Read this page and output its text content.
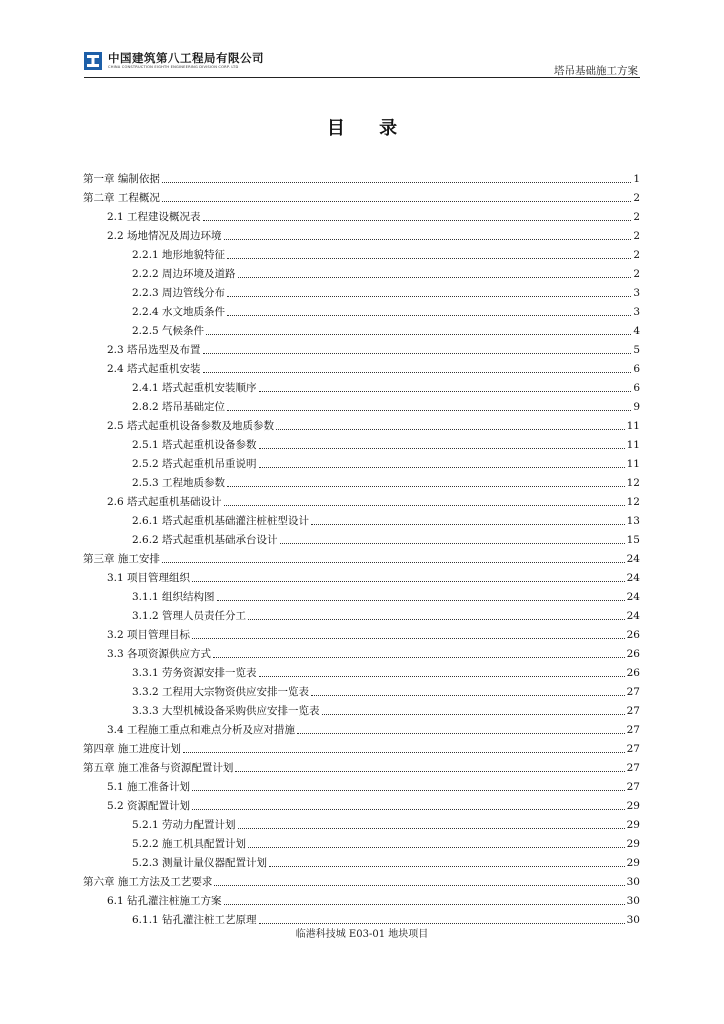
中国建筑第八工程局有限公司
CHINA CONSTRUCTION EIGHTH ENGINEERING DIVISION CORP. LTD	塔吊基础施工方案
目 录
第一章 编制依据	1
第二章 工程概况	2
2.1 工程建设概况表	2
2.2 场地情况及周边环境	2
2.2.1 地形地貌特征	2
2.2.2 周边环境及道路	2
2.2.3 周边管线分布	3
2.2.4 水文地质条件	3
2.2.5 气候条件	4
2.3 塔吊选型及布置	5
2.4 塔式起重机安装	6
2.4.1 塔式起重机安装顺序	6
2.8.2 塔吊基础定位	9
2.5 塔式起重机设备参数及地质参数	11
2.5.1 塔式起重机设备参数	11
2.5.2 塔式起重机吊重说明	11
2.5.3 工程地质参数	12
2.6 塔式起重机基础设计	12
2.6.1 塔式起重机基础灌注桩桩型设计	13
2.6.2 塔式起重机基础承台设计	15
第三章 施工安排	24
3.1 项目管理组织	24
3.1.1 组织结构图	24
3.1.2 管理人员责任分工	24
3.2 项目管理目标	26
3.3 各项资源供应方式	26
3.3.1 劳务资源安排一览表	26
3.3.2 工程用大宗物资供应安排一览表	27
3.3.3 大型机械设备采购供应安排一览表	27
3.4 工程施工重点和难点分析及应对措施	27
第四章 施工进度计划	27
第五章 施工准备与资源配置计划	27
5.1 施工准备计划	27
5.2 资源配置计划	29
5.2.1 劳动力配置计划	29
5.2.2 施工机具配置计划	29
5.2.3 测量计量仪器配置计划	29
第六章 施工方法及工艺要求	30
6.1 钻孔灌注桩施工方案	30
6.1.1 钻孔灌注桩工艺原理	30
临港科技城 E03-01 地块项目
